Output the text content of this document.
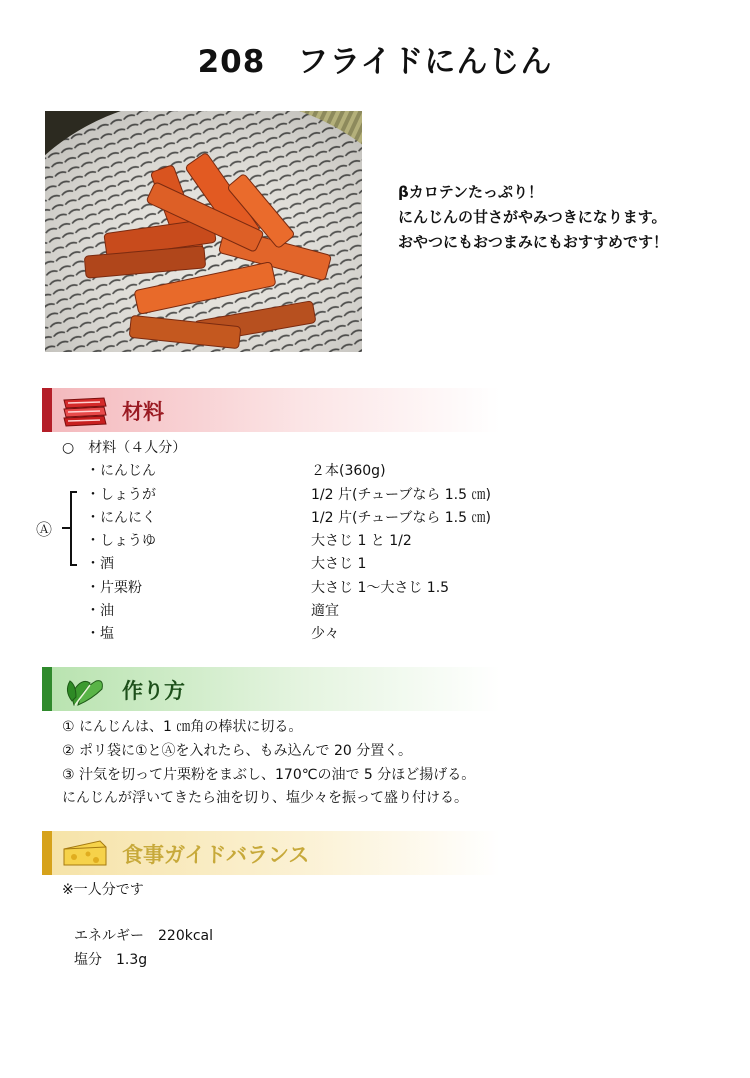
208　フライドにんじん
βカロテンたっぷり！
にんじんの甘さがやみつきになります。
おやつにもおつまみにもおすすめです！
材料
○　材料（４人分）
・にんじん	２本(360g)
・しょうが	1/2 片(チューブなら 1.5 ㎝)
・にんにく	1/2 片(チューブなら 1.5 ㎝)
・しょうゆ	大さじ 1 と 1/2
・酒	大さじ 1
・片栗粉	大さじ 1～大さじ 1.5
・油	適宜
・塩	少々
Ⓐ
作り方
① にんじんは、1 ㎝角の棒状に切る。
② ポリ袋に①とⒶを入れたら、もみ込んで 20 分置く。
③ 汁気を切って片栗粉をまぶし、170℃の油で 5 分ほど揚げる。
にんじんが浮いてきたら油を切り、塩少々を振って盛り付ける。
食事ガイドバランス
※一人分です
エネルギー　220kcal
塩分　1.3g
